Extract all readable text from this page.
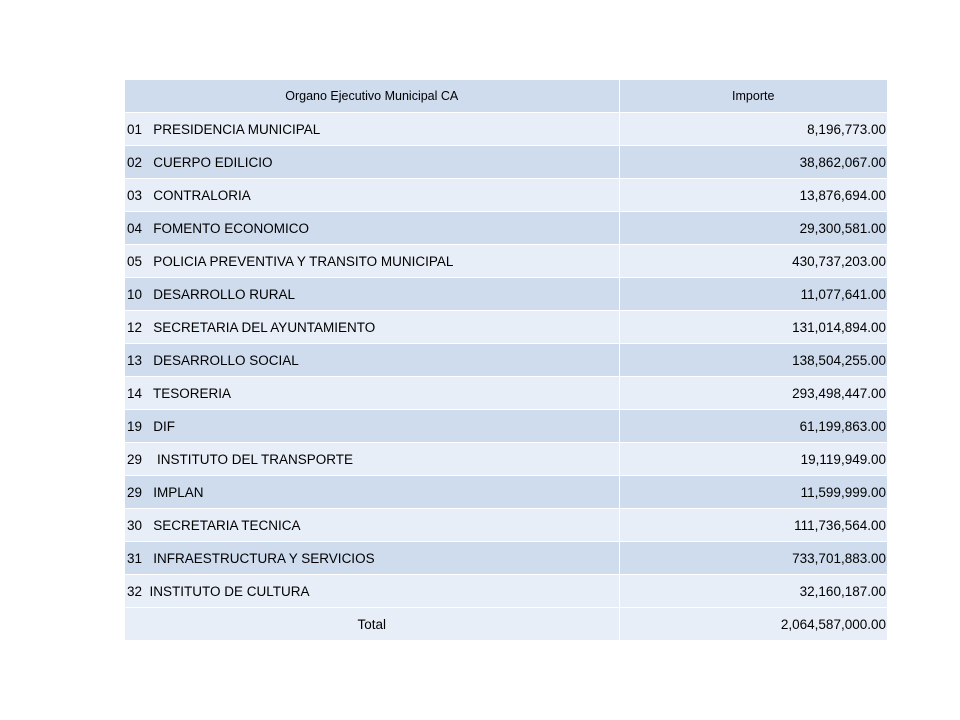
Organo Ejecutivo Municipal CA	Importe
01   PRESIDENCIA MUNICIPAL	8,196,773.00
02   CUERPO EDILICIO	38,862,067.00
03   CONTRALORIA	13,876,694.00
04   FOMENTO ECONOMICO	29,300,581.00
05   POLICIA PREVENTIVA Y TRANSITO MUNICIPAL	430,737,203.00
10   DESARROLLO RURAL	11,077,641.00
12   SECRETARIA DEL AYUNTAMIENTO	131,014,894.00
13   DESARROLLO SOCIAL	138,504,255.00
14   TESORERIA	293,498,447.00
19   DIF	61,199,863.00
29    INSTITUTO DEL TRANSPORTE	19,119,949.00
29   IMPLAN	11,599,999.00
30   SECRETARIA TECNICA	111,736,564.00
31   INFRAESTRUCTURA Y SERVICIOS	733,701,883.00
32  INSTITUTO DE CULTURA	32,160,187.00
Total	2,064,587,000.00
